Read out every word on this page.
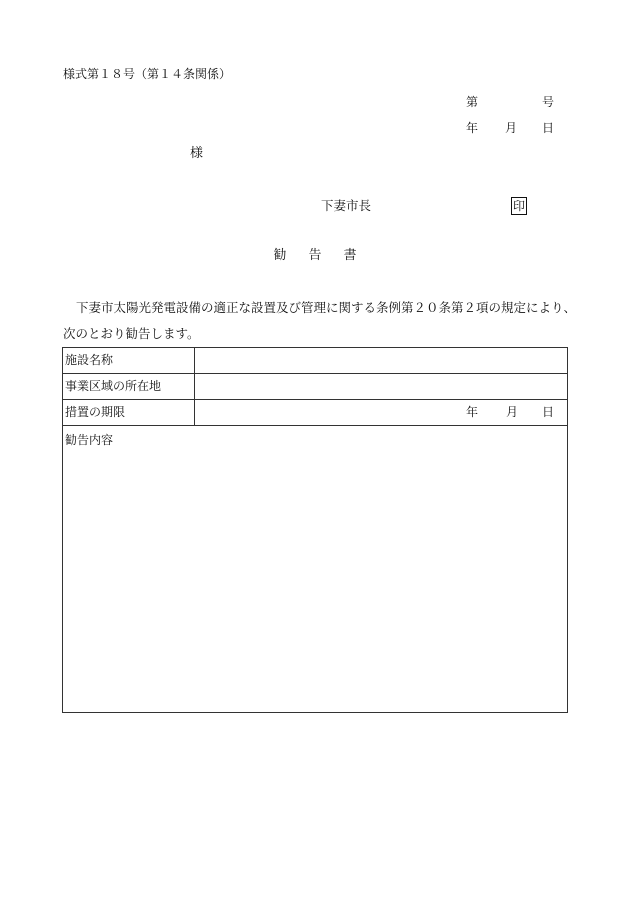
様式第１８号（第１４条関係）
第	号
年 月 日
様
下妻市長	印
勧告書
下妻市太陽光発電設備の適正な設置及び管理に関する条例第２０条第２項の規定により、
次のとおり勧告します。
施設名称
事業区域の所在地
措置の期限	年 月 日
勧告内容
